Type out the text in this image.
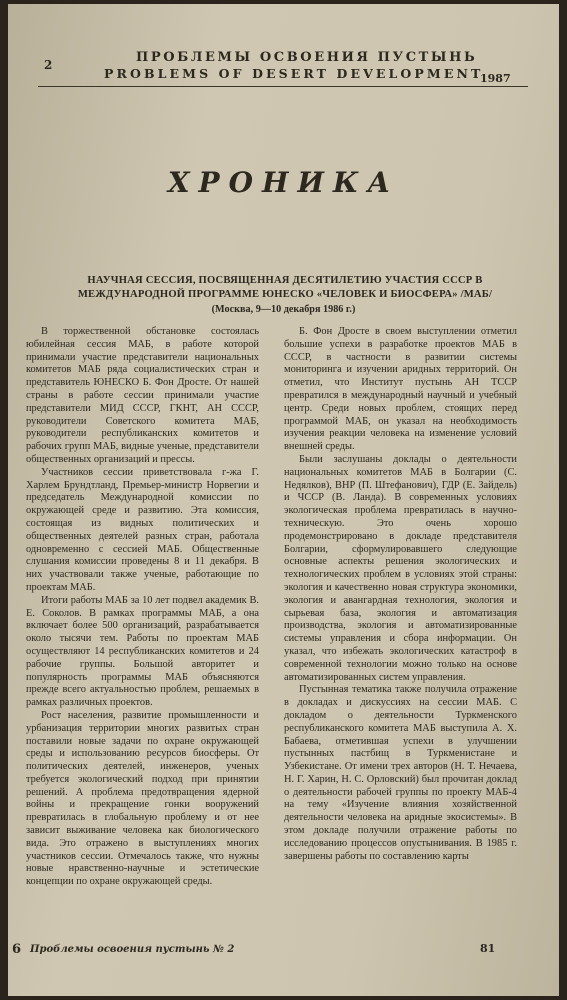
2	ПРОБЛЕМЫ ОСВОЕНИЯ ПУСТЫНЬ
PROBLEMS OF DESERT DEVELOPMENT
1987
ХРОНИКА
НАУЧНАЯ СЕССИЯ, ПОСВЯЩЕННАЯ ДЕСЯТИЛЕТИЮ УЧАСТИЯ СССР В МЕЖДУНАРОДНОЙ ПРОГРАММЕ ЮНЕСКО «ЧЕЛОВЕК И БИОСФЕРА» /МАБ/
(Москва, 9—10 декабря 1986 г.)

В торжественной обстановке состоялась юбилейная сессия МАБ, в работе которой принимали участие представители национальных комитетов МАБ ряда социалистических стран и представитель ЮНЕСКО Б. Фон Дросте. От нашей страны в работе сессии принимали участие представители МИД СССР, ГКНТ, АН СССР, руководители Советского комитета МАБ, руководители республиканских комитетов и рабочих групп МАБ, видные ученые, представители общественных организаций и прессы.

Участников сессии приветствовала г-жа Г. Харлем Брундтланд, Премьер-министр Норвегии и председатель Международной комиссии по окружающей среде и развитию. Эта комиссия, состоящая из видных политических и общественных деятелей разных стран, работала одновременно с сессией МАБ. Общественные слушания комиссии проведены 8 и 11 декабря. В них участвовали также ученые, работающие по проектам МАБ.

Итоги работы МАБ за 10 лет подвел академик В. Е. Соколов. В рамках программы МАБ, а она включает более 500 организаций, разрабатывается около тысячи тем. Работы по проектам МАБ осуществляют 14 республиканских комитетов и 24 рабочие группы. Большой авторитет и популярность программы МАБ объясняются прежде всего актуальностью проблем, решаемых в рамках различных проектов.

Рост населения, развитие промышленности и урбанизация территории многих развитых стран поставили новые задачи по охране окружающей среды и использованию ресурсов биосферы. От политических деятелей, инженеров, ученых требуется экологический подход при принятии решений. А проблема предотвращения ядерной войны и прекращение гонки вооружений превратилась в глобальную проблему и от нее зависит выживание человека как биологического вида. Это отражено в выступлениях многих участников сессии. Отмечалось также, что нужны новые нравственно-научные и эстетические концепции по охране окружающей среды.

Б. Фон Дросте в своем выступлении отметил большие успехи в разработке проектов МАБ в СССР, в частности в развитии системы мониторинга и изучении аридных территорий. Он отметил, что Институт пустынь АН ТССР превратился в международный научный и учебный центр. Среди новых проблем, стоящих перед программой МАБ, он указал на необходимость изучения реакции человека на изменение условий внешней среды.

Были заслушаны доклады о деятельности национальных комитетов МАБ в Болгарии (С. Недялков), ВНР (П. Штефанович), ГДР (Е. Зайдель) и ЧССР (В. Ланда). В современных условиях экологическая проблема превратилась в научно-техническую. Это очень хорошо продемонстрировано в докладе представителя Болгарии, сформулировавшего следующие основные аспекты решения экологических и технологических проблем в условиях этой страны: экология и качественно новая структура экономики, экология и авангардная технология, экология и сырьевая база, экология и автоматизация производства, экология и автоматизированные системы управления и сбора информации. Он указал, что избежать экологических катастроф в современной технологии можно только на основе автоматизированных систем управления.

Пустынная тематика также получила отражение в докладах и дискуссиях на сессии МАБ. С докладом о деятельности Туркменского республиканского комитета МАБ выступила А. Х. Бабаева, отметившая успехи в улучшении пустынных пастбищ в Туркменистане и Узбекистане. От имени трех авторов (Н. Т. Нечаева, Н. Г. Харин, Н. С. Орловский) был прочитан доклад о деятельности рабочей группы по проекту МАБ-4 на тему «Изучение влияния хозяйственной деятельности человека на аридные экосистемы». В этом докладе получили отражение работы по исследованию процессов опустынивания. В 1985 г. завершены работы по составлению карты

6 Проблемы освоения пустынь № 2	81
